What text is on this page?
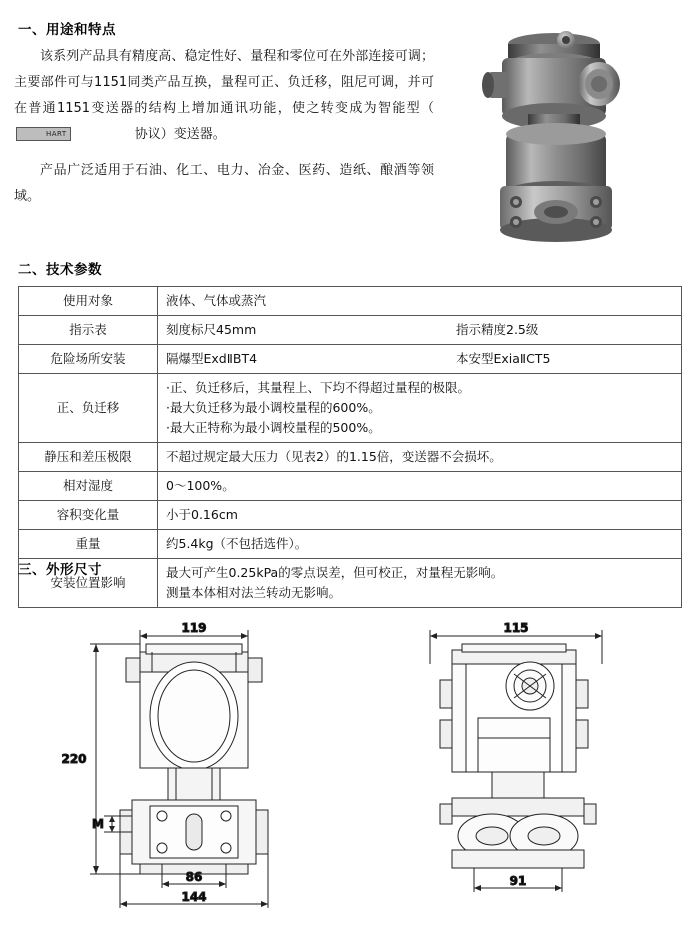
一、用途和特点

该系列产品具有精度高、稳定性好、量程和零位可在外部连接可调；主要部件可与1151同类产品互换，量程可正、负迁移，阻尼可调，并可在普通1151变送器的结构上增加通讯功能，使之转变成为智能型（HART	协议）变送器。

产品广泛适用于石油、化工、电力、冶金、医药、造纸、酿酒等领域。

二、技术参数
使用对象	液体、气体或蒸汽
指示表	刻度标尺45mm 指示精度2.5级

危险场所安装	隔爆型ExdⅡBT4 本安型ExiaⅡCT5

正、负迁移	·正、负迁移后，其量程上、下均不得超过量程的极限。
·最大负迁移为最小调校量程的600%。
·最大正特称为最小调校量程的500%。

静压和差压极限	不超过规定最大压力（见表2）的1.15倍，变送器不会损坏。
相对湿度	0～100%。
容积变化量	小于0.16cm
重量	约5.4kg（不包括选件）。
安装位置影响	最大可产生0.25kPa的零点误差，但可校正，对量程无影响。
测量本体相对法兰转动无影响。
三、外形尺寸
119
220
M
86
144
115
91
